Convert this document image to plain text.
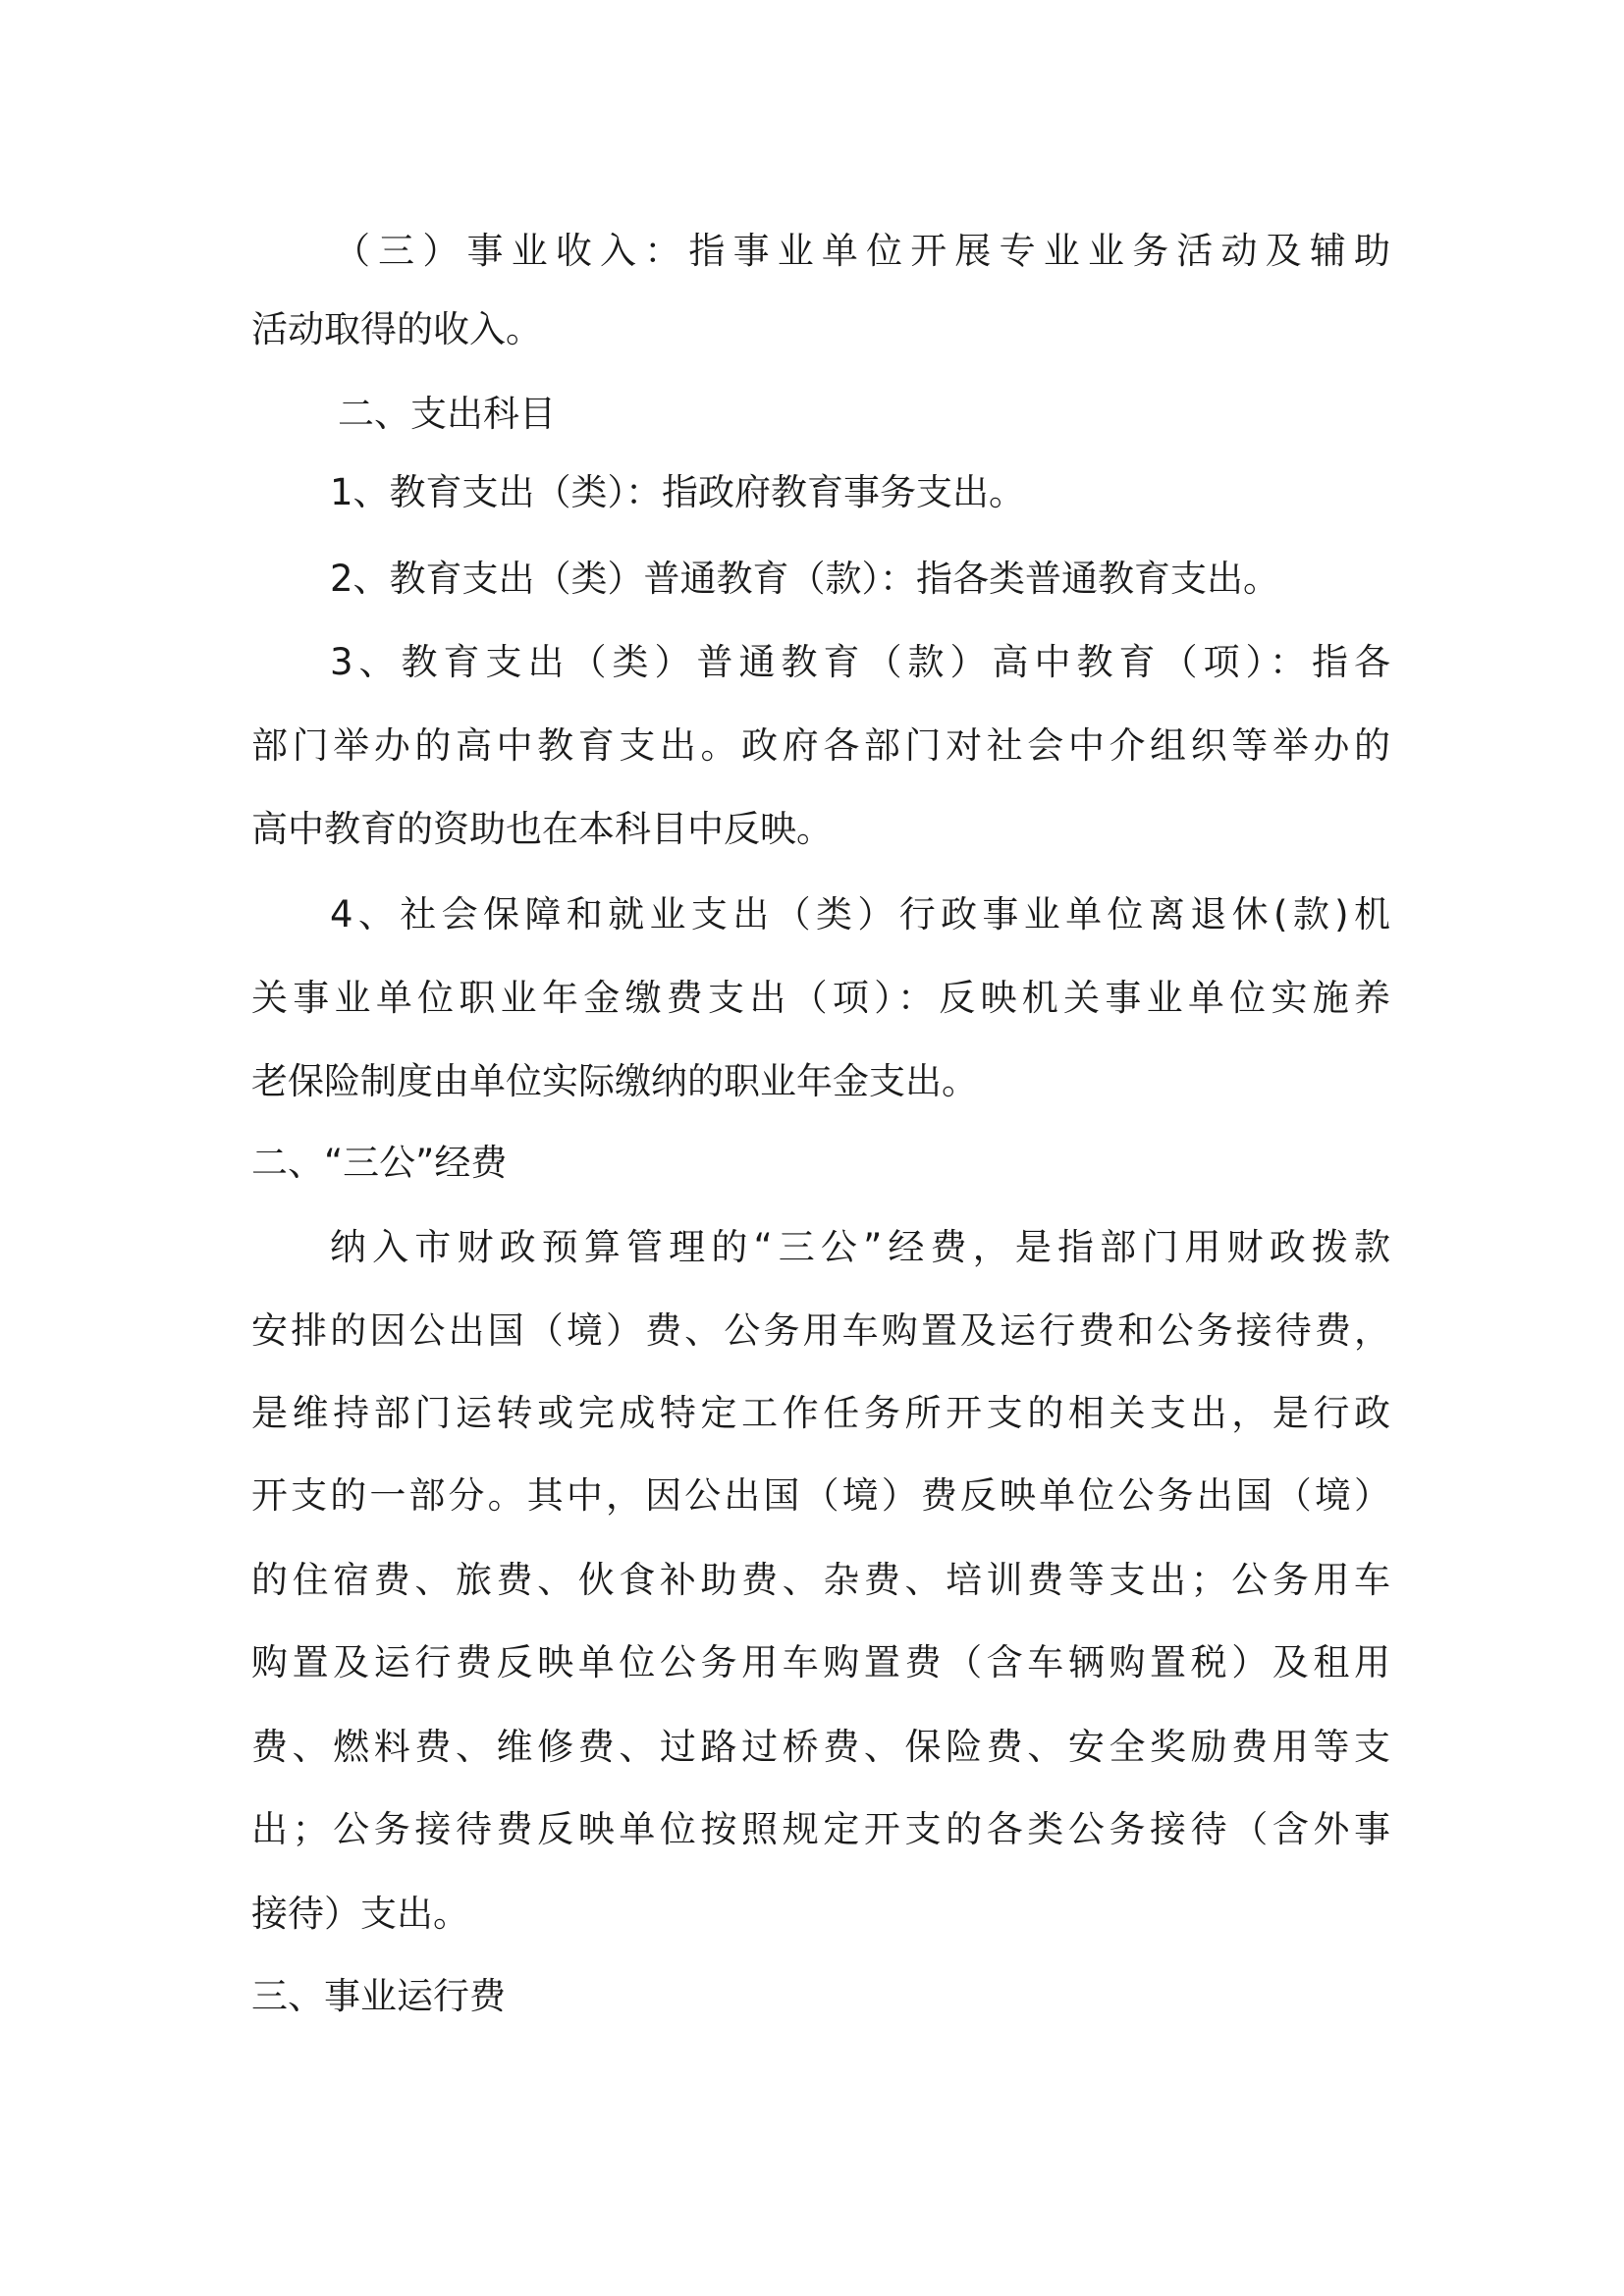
（三）事业收入：指事业单位开展专业业务活动及辅助
活动取得的收入。
二、支出科目
1、教育支出（类）：指政府教育事务支出。
2、教育支出（类）普通教育（款）：指各类普通教育支出。
3、教育支出（类）普通教育（款）高中教育（项）：指各
部门举办的高中教育支出。政府各部门对社会中介组织等举办的
高中教育的资助也在本科目中反映。
4、社会保障和就业支出（类）行政事业单位离退休(款)机
关事业单位职业年金缴费支出（项）：反映机关事业单位实施养
老保险制度由单位实际缴纳的职业年金支出。
二、“三公”经费
纳入市财政预算管理的“三公”经费，是指部门用财政拨款
安排的因公出国（境）费、公务用车购置及运行费和公务接待费，
是维持部门运转或完成特定工作任务所开支的相关支出，是行政
开支的一部分。其中，因公出国（境）费反映单位公务出国（境）
的住宿费、旅费、伙食补助费、杂费、培训费等支出；公务用车
购置及运行费反映单位公务用车购置费（含车辆购置税）及租用
费、燃料费、维修费、过路过桥费、保险费、安全奖励费用等支
出；公务接待费反映单位按照规定开支的各类公务接待（含外事
接待）支出。
三、事业运行费
